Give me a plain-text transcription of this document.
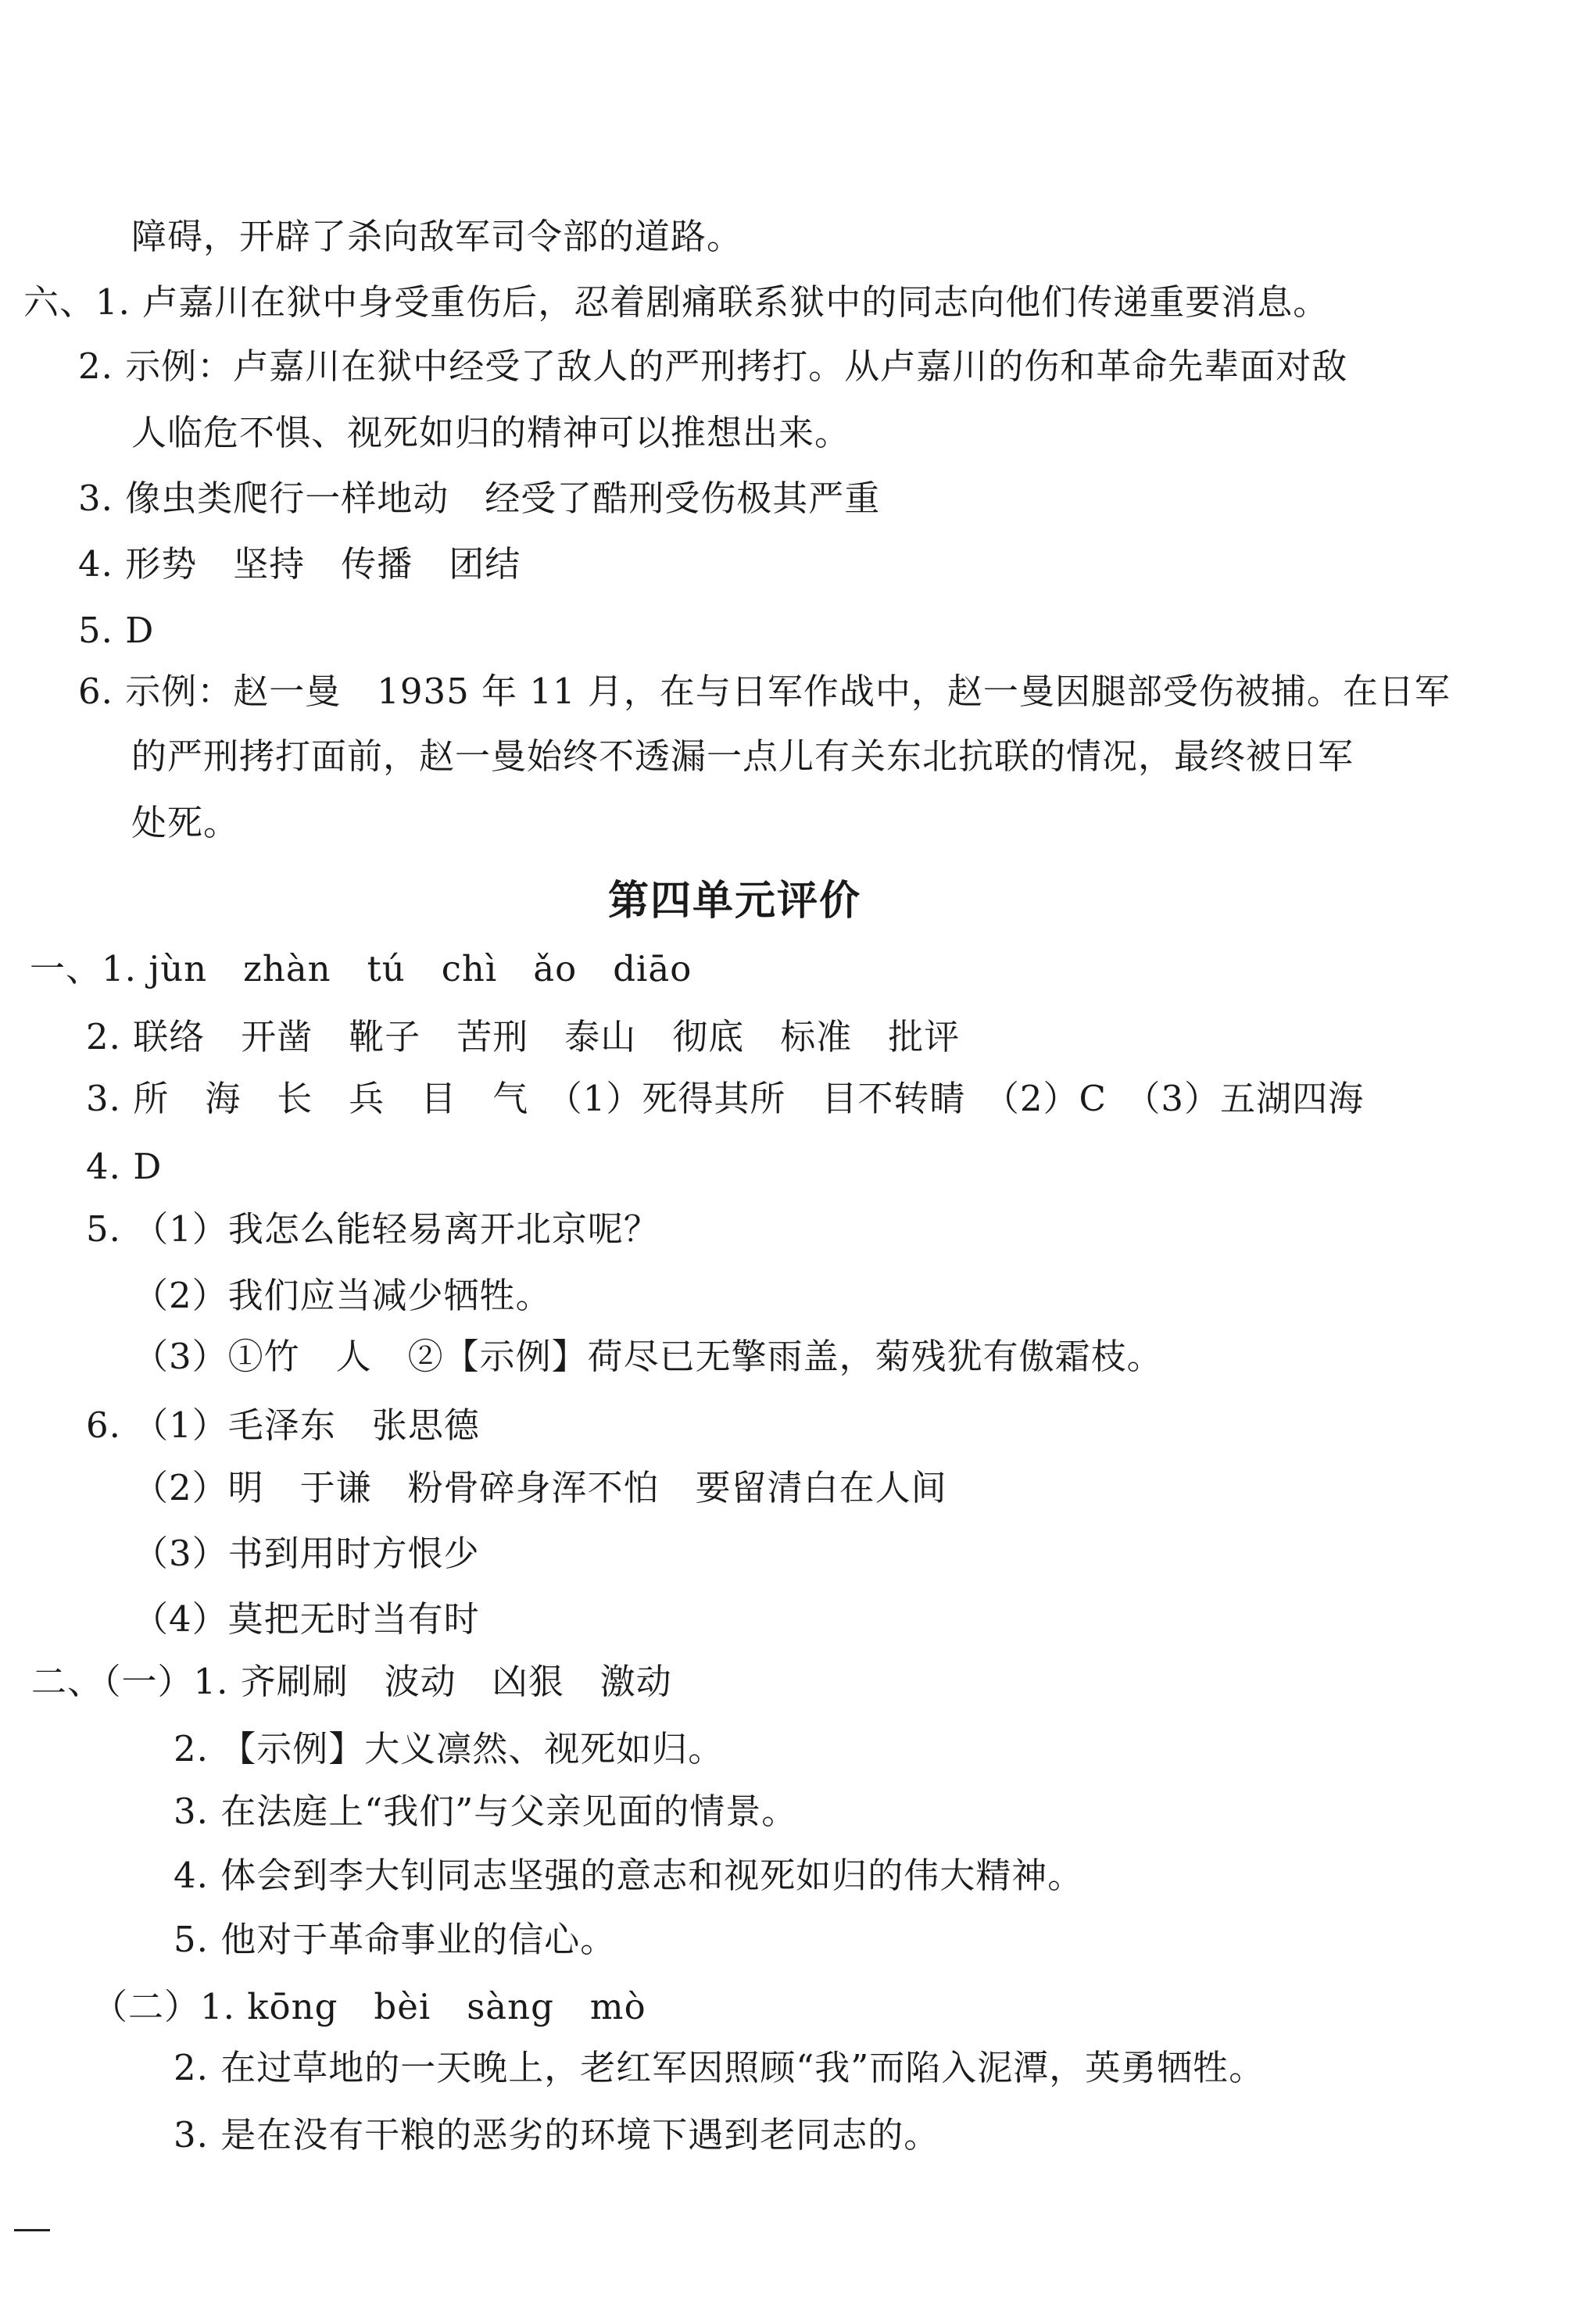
障碍，开辟了杀向敌军司令部的道路。
六、1. 卢嘉川在狱中身受重伤后，忍着剧痛联系狱中的同志向他们传递重要消息。
2. 示例：卢嘉川在狱中经受了敌人的严刑拷打。从卢嘉川的伤和革命先辈面对敌
人临危不惧、视死如归的精神可以推想出来。
3. 像虫类爬行一样地动　经受了酷刑受伤极其严重
4. 形势　坚持　传播　团结
5. D
6. 示例：赵一曼　1935 年 11 月，在与日军作战中，赵一曼因腿部受伤被捕。在日军
的严刑拷打面前，赵一曼始终不透漏一点儿有关东北抗联的情况，最终被日军
处死。
第四单元评价
一、1. jùn　zhàn　tú　chì　ǎo　diāo
2. 联络　开凿　靴子　苦刑　泰山　彻底　标准　批评
3. 所　海　长　兵　目　气　（1）死得其所　目不转睛　（2）C　（3）五湖四海
4. D
5. （1）我怎么能轻易离开北京呢？
（2）我们应当减少牺牲。
（3）①竹　人　②【示例】荷尽已无擎雨盖，菊残犹有傲霜枝。
6. （1）毛泽东　张思德
（2）明　于谦　粉骨碎身浑不怕　要留清白在人间
（3）书到用时方恨少
（4）莫把无时当有时
二、（一）1. 齐刷刷　波动　凶狠　激动
2. 【示例】大义凛然、视死如归。
3. 在法庭上“我们”与父亲见面的情景。
4. 体会到李大钊同志坚强的意志和视死如归的伟大精神。
5. 他对于革命事业的信心。
（二）1. kōng　bèi　sàng　mò
2. 在过草地的一天晚上，老红军因照顾“我”而陷入泥潭，英勇牺牲。
3. 是在没有干粮的恶劣的环境下遇到老同志的。
